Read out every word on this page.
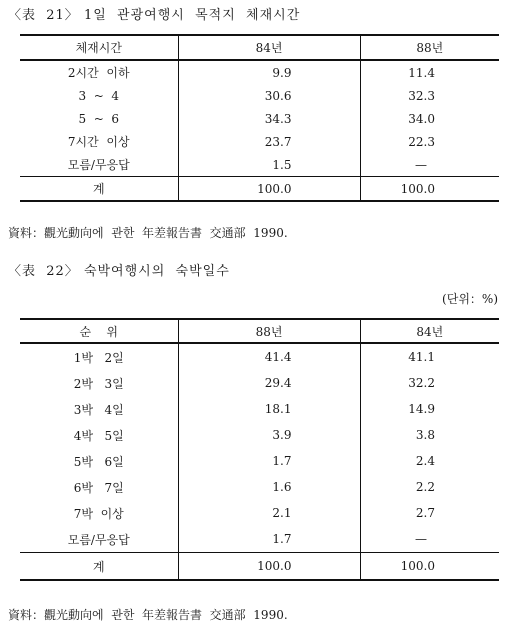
〈表  21〉 1일  관광여행시  목적지  체재시간
체재시간	84년	88년
2시간  이하	9.9	11.4
3  ~  4	30.6	32.3
5  ~  6	34.3	34.0
7시간  이상	23.7	22.3
모름/무응답	1.5	—
계	100.0	100.0
資料：觀光動向에  관한  年差報告書  交通部  1990.
〈表  22〉 숙박여행시의  숙박일수
(단위：%)
순    위	88년	84년
1박   2일	41.4	41.1
2박   3일	29.4	32.2
3박   4일	18.1	14.9
4박   5일	3.9	3.8
5박   6일	1.7	2.4
6박   7일	1.6	2.2
7박  이상	2.1	2.7
모름/무응답	1.7	—
계	100.0	100.0
資料：觀光動向에  관한  年差報告書  交通部  1990.
